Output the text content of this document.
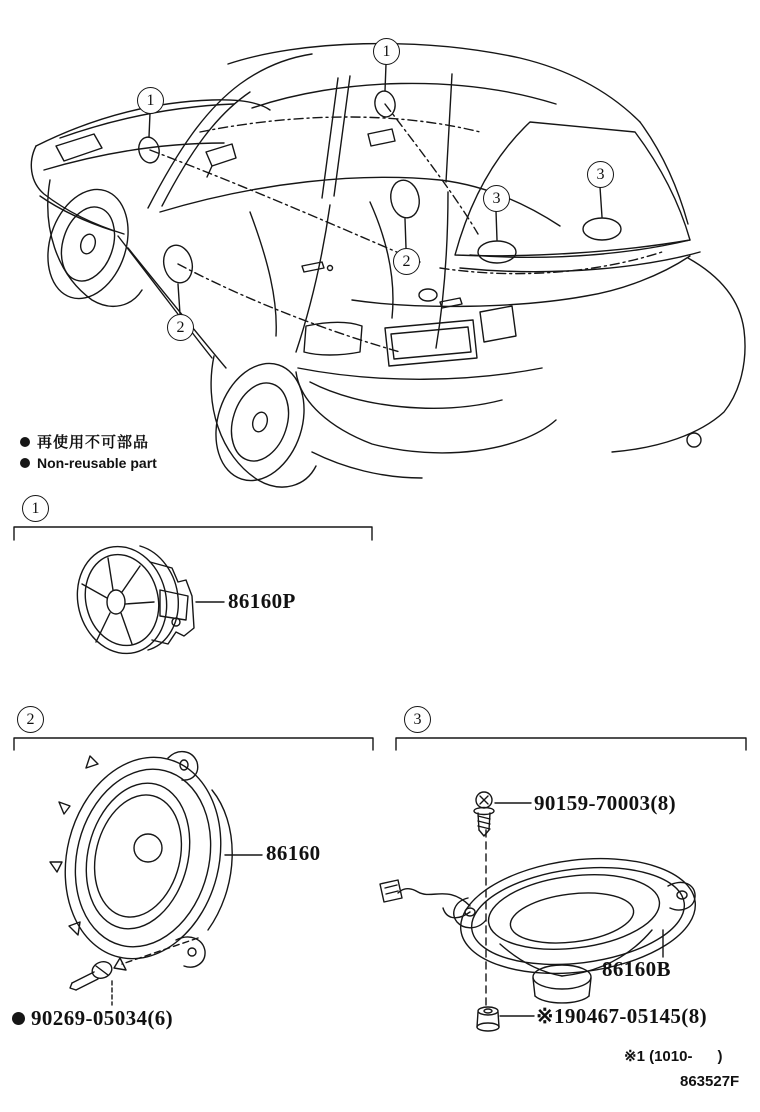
1
1
2
2
3
3
1
2	3
再使用不可部品
Non-reusable part
86160P
86160
90269-05034(6)
90159-70003(8)
86160B
※1 90467-05145(8)
※1 (1010-      )
863527F
